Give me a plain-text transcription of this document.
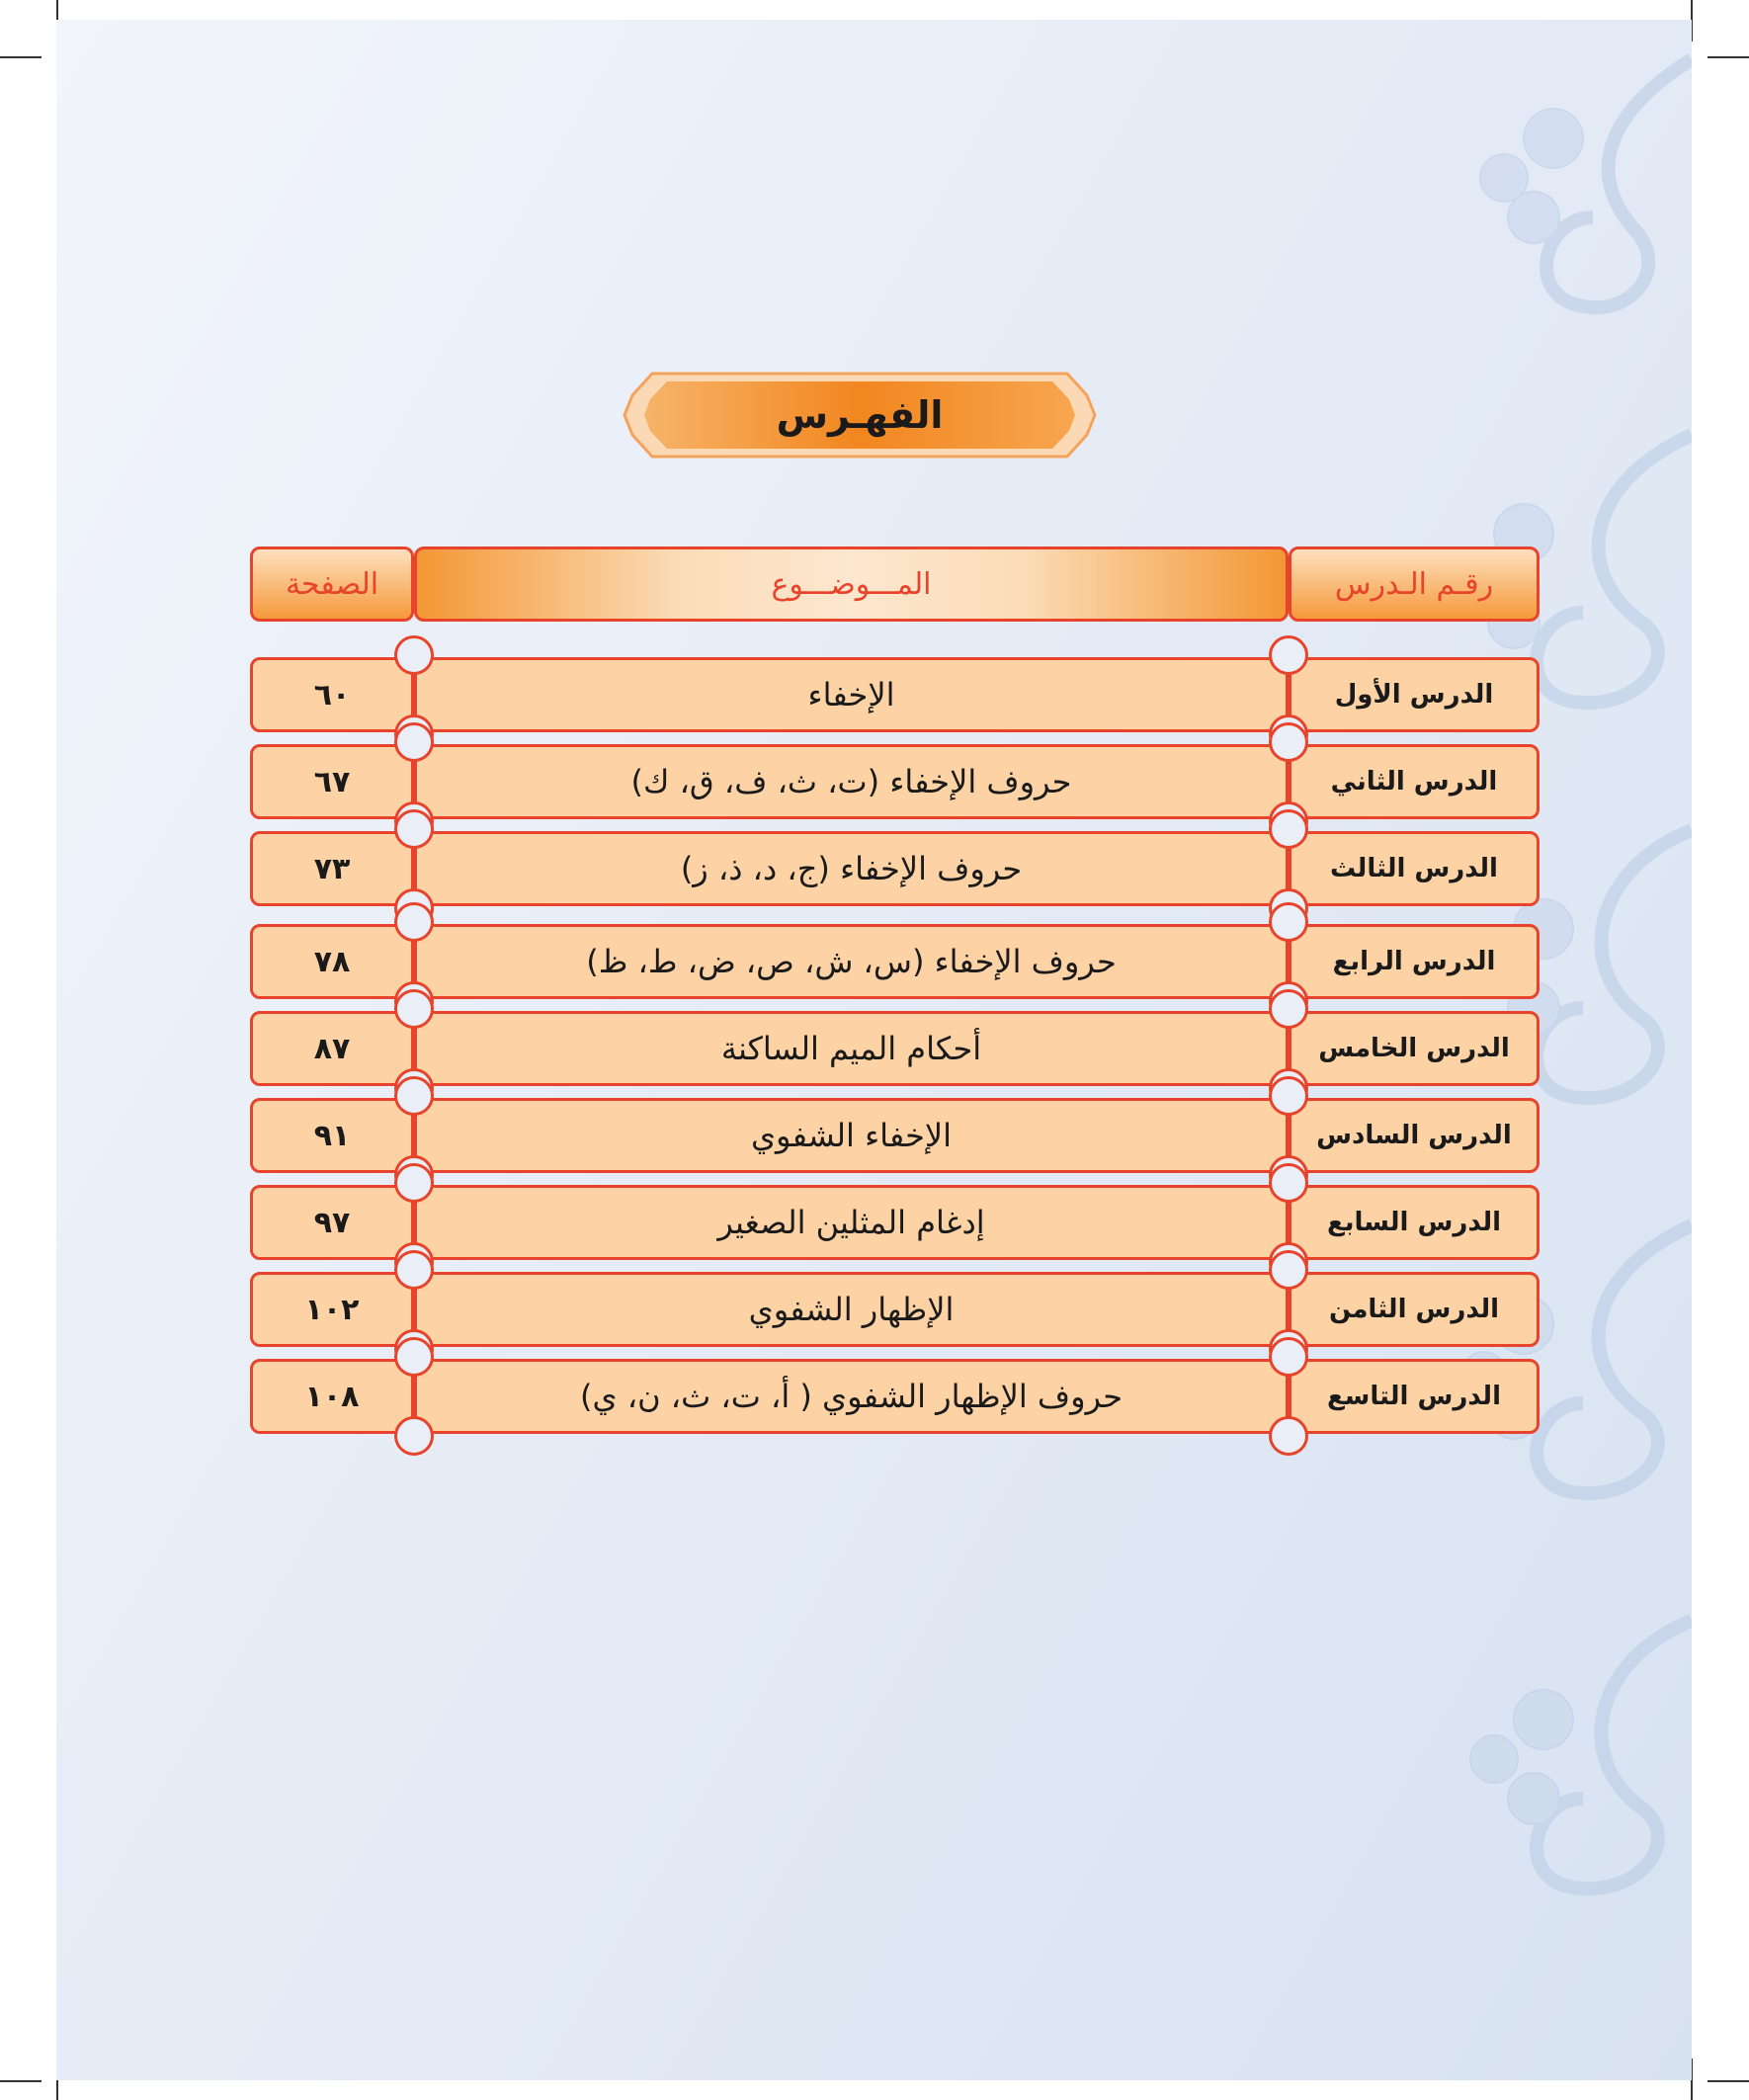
الفهـرس
الصفحة	المـــوضـــوع	رقـم الـدرس
٦٠	الإخفاء	الدرس الأول
٦٧	حروف الإخفاء (ت، ث، ف، ق، ك)	الدرس الثاني
٧٣	حروف الإخفاء (ج، د، ذ، ز)	الدرس الثالث
٧٨	حروف الإخفاء (س، ش، ص، ض، ط، ظ)	الدرس الرابع
٨٧	أحكام الميم الساكنة	الدرس الخامس
٩١	الإخفاء الشفوي	الدرس السادس
٩٧	إدغام المثلين الصغير	الدرس السابع
١٠٢	الإظهار الشفوي	الدرس الثامن
١٠٨	حروف الإظهار الشفوي ( أ، ت، ث، ن، ي)	الدرس التاسع
